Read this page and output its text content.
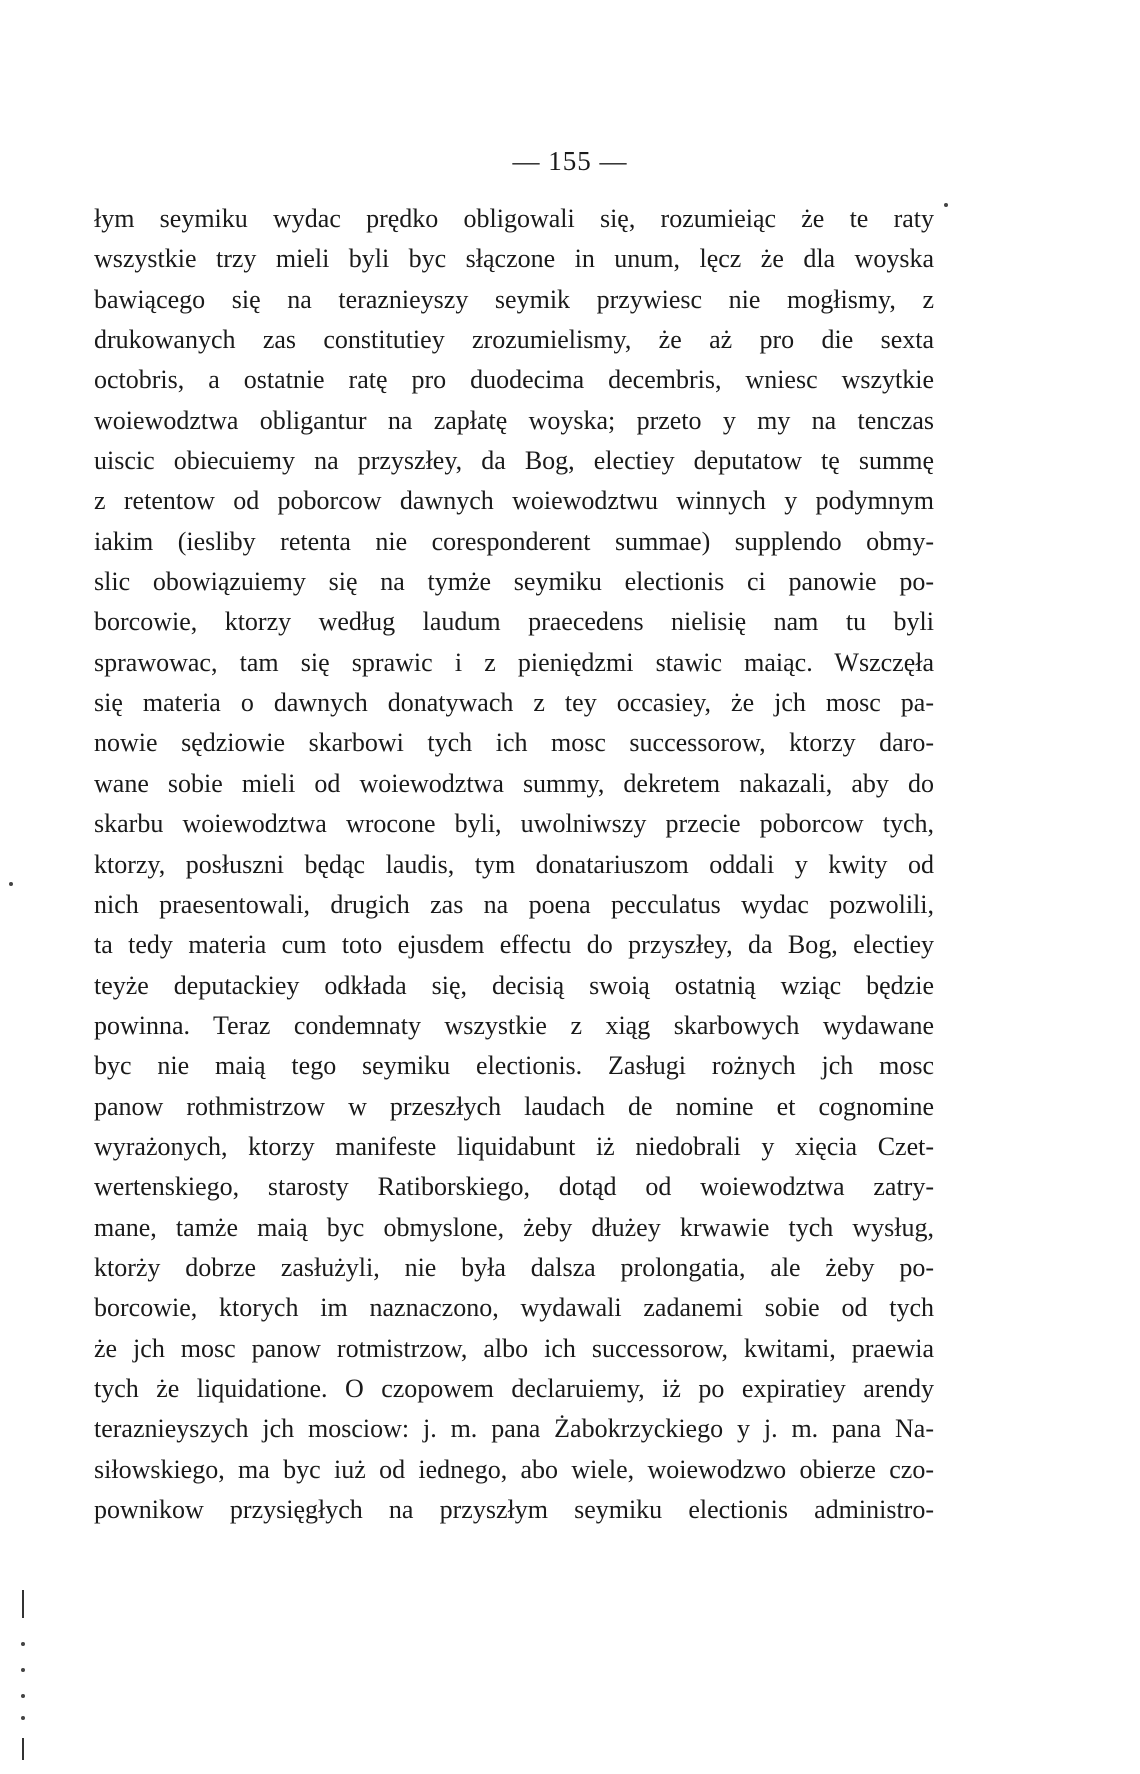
— 155 —
łym seymiku wydac prędko obligowali się, rozumieiąc że te raty
wszystkie trzy mieli byli byc słączone in unum, lęcz że dla woyska
bawiącego się na teraznieyszy seymik przywiesc nie mogłismy, z
drukowanych zas constitutiey zrozumielismy, że aż pro die sexta
octobris, a ostatnie ratę pro duodecima decembris, wniesc wszytkie
woiewodztwa obligantur na zapłatę woyska; przeto y my na tenczas
uiscic obiecuiemy na przyszłey, da Bog, electiey deputatow tę summę
z retentow od poborcow dawnych woiewodztwu winnych y podymnym
iakim (iesliby retenta nie coresponderent summae) supplendo obmy-
slic obowiązuiemy się na tymże seymiku electionis ci panowie po-
borcowie, ktorzy według laudum praecedens nielisię nam tu byli
sprawowac, tam się sprawic i z pieniędzmi stawic maiąc. Wszczęła
się materia o dawnych donatywach z tey occasiey, że jch mosc pa-
nowie sędziowie skarbowi tych ich mosc successorow, ktorzy daro-
wane sobie mieli od woiewodztwa summy, dekretem nakazali, aby do
skarbu woiewodztwa wrocone byli, uwolniwszy przecie poborcow tych,
ktorzy, posłuszni będąc laudis, tym donatariuszom oddali y kwity od
nich praesentowali, drugich zas na poena pecculatus wydac pozwolili,
ta tedy materia cum toto ejusdem effectu do przyszłey, da Bog, electiey
teyże deputackiey odkłada się, decisią swoią ostatnią wziąc będzie
powinna. Teraz condemnaty wszystkie z xiąg skarbowych wydawane
byc nie maią tego seymiku electionis. Zasługi rożnych jch mosc
panow rothmistrzow w przeszłych laudach de nomine et cognomine
wyrażonych, ktorzy manifeste liquidabunt iż niedobrali y xięcia Czet-
wertenskiego, starosty Ratiborskiego, dotąd od woiewodztwa zatry-
mane, tamże maią byc obmyslone, żeby dłużey krwawie tych wysług,
ktorży dobrze zasłużyli, nie była dalsza prolongatia, ale żeby po-
borcowie, ktorych im naznaczono, wydawali zadanemi sobie od tych
że jch mosc panow rotmistrzow, albo ich successorow, kwitami, praewia
tych że liquidatione. O czopowem declaruiemy, iż po expiratiey arendy
teraznieyszych jch mosciow: j. m. pana Żabokrzyckiego y j. m. pana Na-
siłowskiego, ma byc iuż od iednego, abo wiele, woiewodzwo obierze czo-
pownikow przysięgłych na przyszłym seymiku electionis administro-
